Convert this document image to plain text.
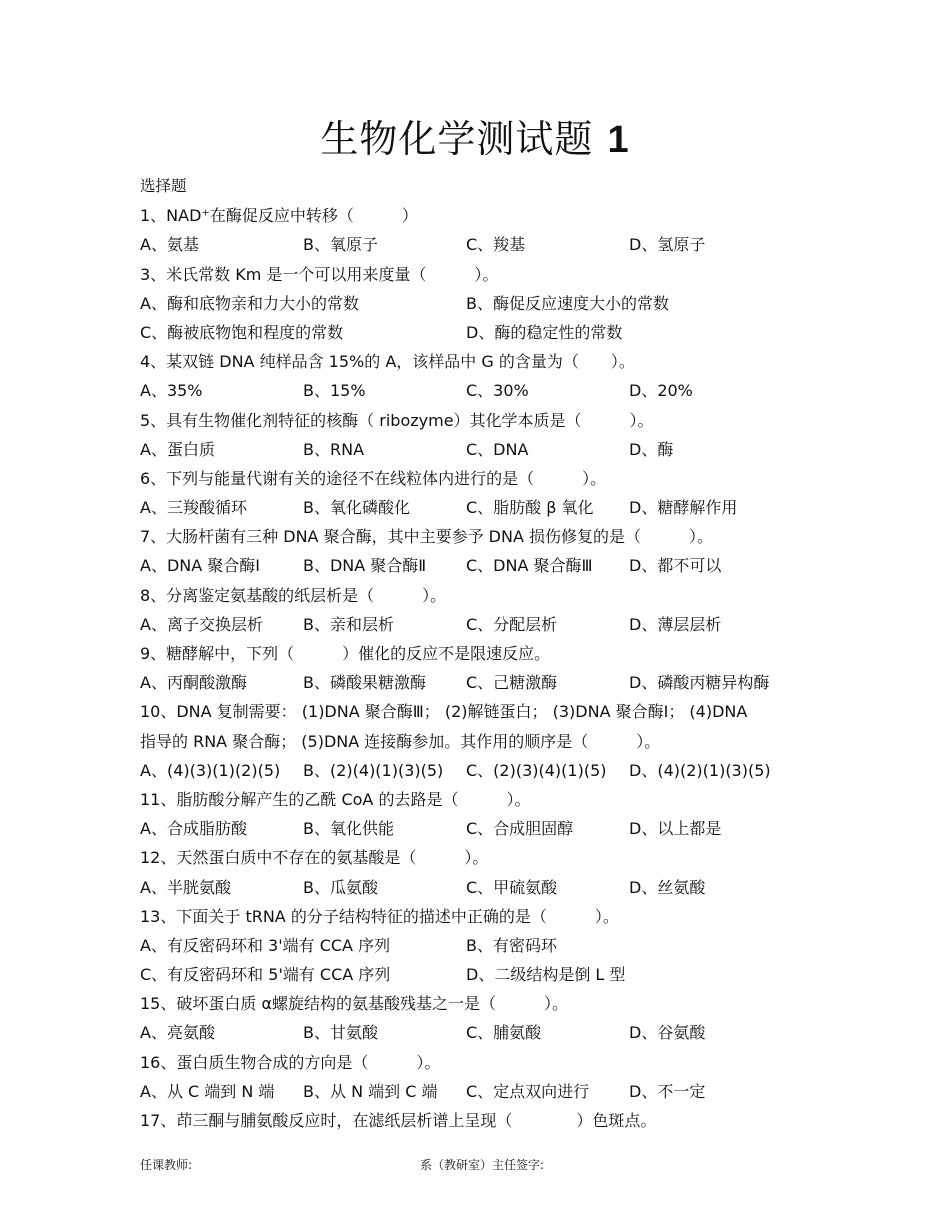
生物化学测试题 1
选择题
1、NAD⁺在酶促反应中转移（　　　）
A、氨基	B、氧原子	C、羧基	D、氢原子
3、米氏常数 Km 是一个可以用来度量（　　　）。
A、酶和底物亲和力大小的常数	B、酶促反应速度大小的常数
C、酶被底物饱和程度的常数	D、酶的稳定性的常数
4、某双链 DNA 纯样品含 15%的 A，该样品中 G 的含量为（　　）。
A、35%	B、15%	C、30%	D、20%
5、具有生物催化剂特征的核酶（ ribozyme）其化学本质是（　　　）。
A、蛋白质	B、RNA	C、DNA	D、酶
6、下列与能量代谢有关的途径不在线粒体内进行的是（　　　）。
A、三羧酸循环	B、氧化磷酸化	C、脂肪酸 β 氧化	D、糖酵解作用
7、大肠杆菌有三种 DNA 聚合酶，其中主要参予 DNA 损伤修复的是（　　　）。
A、DNA 聚合酶Ⅰ	B、DNA 聚合酶Ⅱ	C、DNA 聚合酶Ⅲ	D、都不可以
8、分离鉴定氨基酸的纸层析是（　　　）。
A、离子交换层析	B、亲和层析	C、分配层析	D、薄层层析
9、糖酵解中，下列（　　　）催化的反应不是限速反应。
A、丙酮酸激酶	B、磷酸果糖激酶	C、己糖激酶	D、磷酸丙糖异构酶
10、DNA 复制需要： (1)DNA 聚合酶Ⅲ； (2)解链蛋白； (3)DNA 聚合酶Ⅰ； (4)DNA
指导的 RNA 聚合酶； (5)DNA 连接酶参加。其作用的顺序是（　　　）。
A、(4)(3)(1)(2)(5)	B、(2)(4)(1)(3)(5)	C、(2)(3)(4)(1)(5)	D、(4)(2)(1)(3)(5)
11、脂肪酸分解产生的乙酰 CoA 的去路是（　　　）。
A、合成脂肪酸	B、氧化供能	C、合成胆固醇	D、以上都是
12、天然蛋白质中不存在的氨基酸是（　　　）。
A、半胱氨酸	B、瓜氨酸	C、甲硫氨酸	D、丝氨酸
13、下面关于 tRNA 的分子结构特征的描述中正确的是（　　　）。
A、有反密码环和 3'端有 CCA 序列	B、有密码环
C、有反密码环和 5'端有 CCA 序列	D、二级结构是倒 L 型
15、破坏蛋白质 α螺旋结构的氨基酸残基之一是（　　　）。
A、亮氨酸	B、甘氨酸	C、脯氨酸	D、谷氨酸
16、蛋白质生物合成的方向是（　　　）。
A、从 C 端到 N 端	B、从 N 端到 C 端	C、定点双向进行	D、不一定
17、茚三酮与脯氨酸反应时，在滤纸层析谱上呈现（　　　　）色斑点。
任课教师:	系（教研室）主任签字:
